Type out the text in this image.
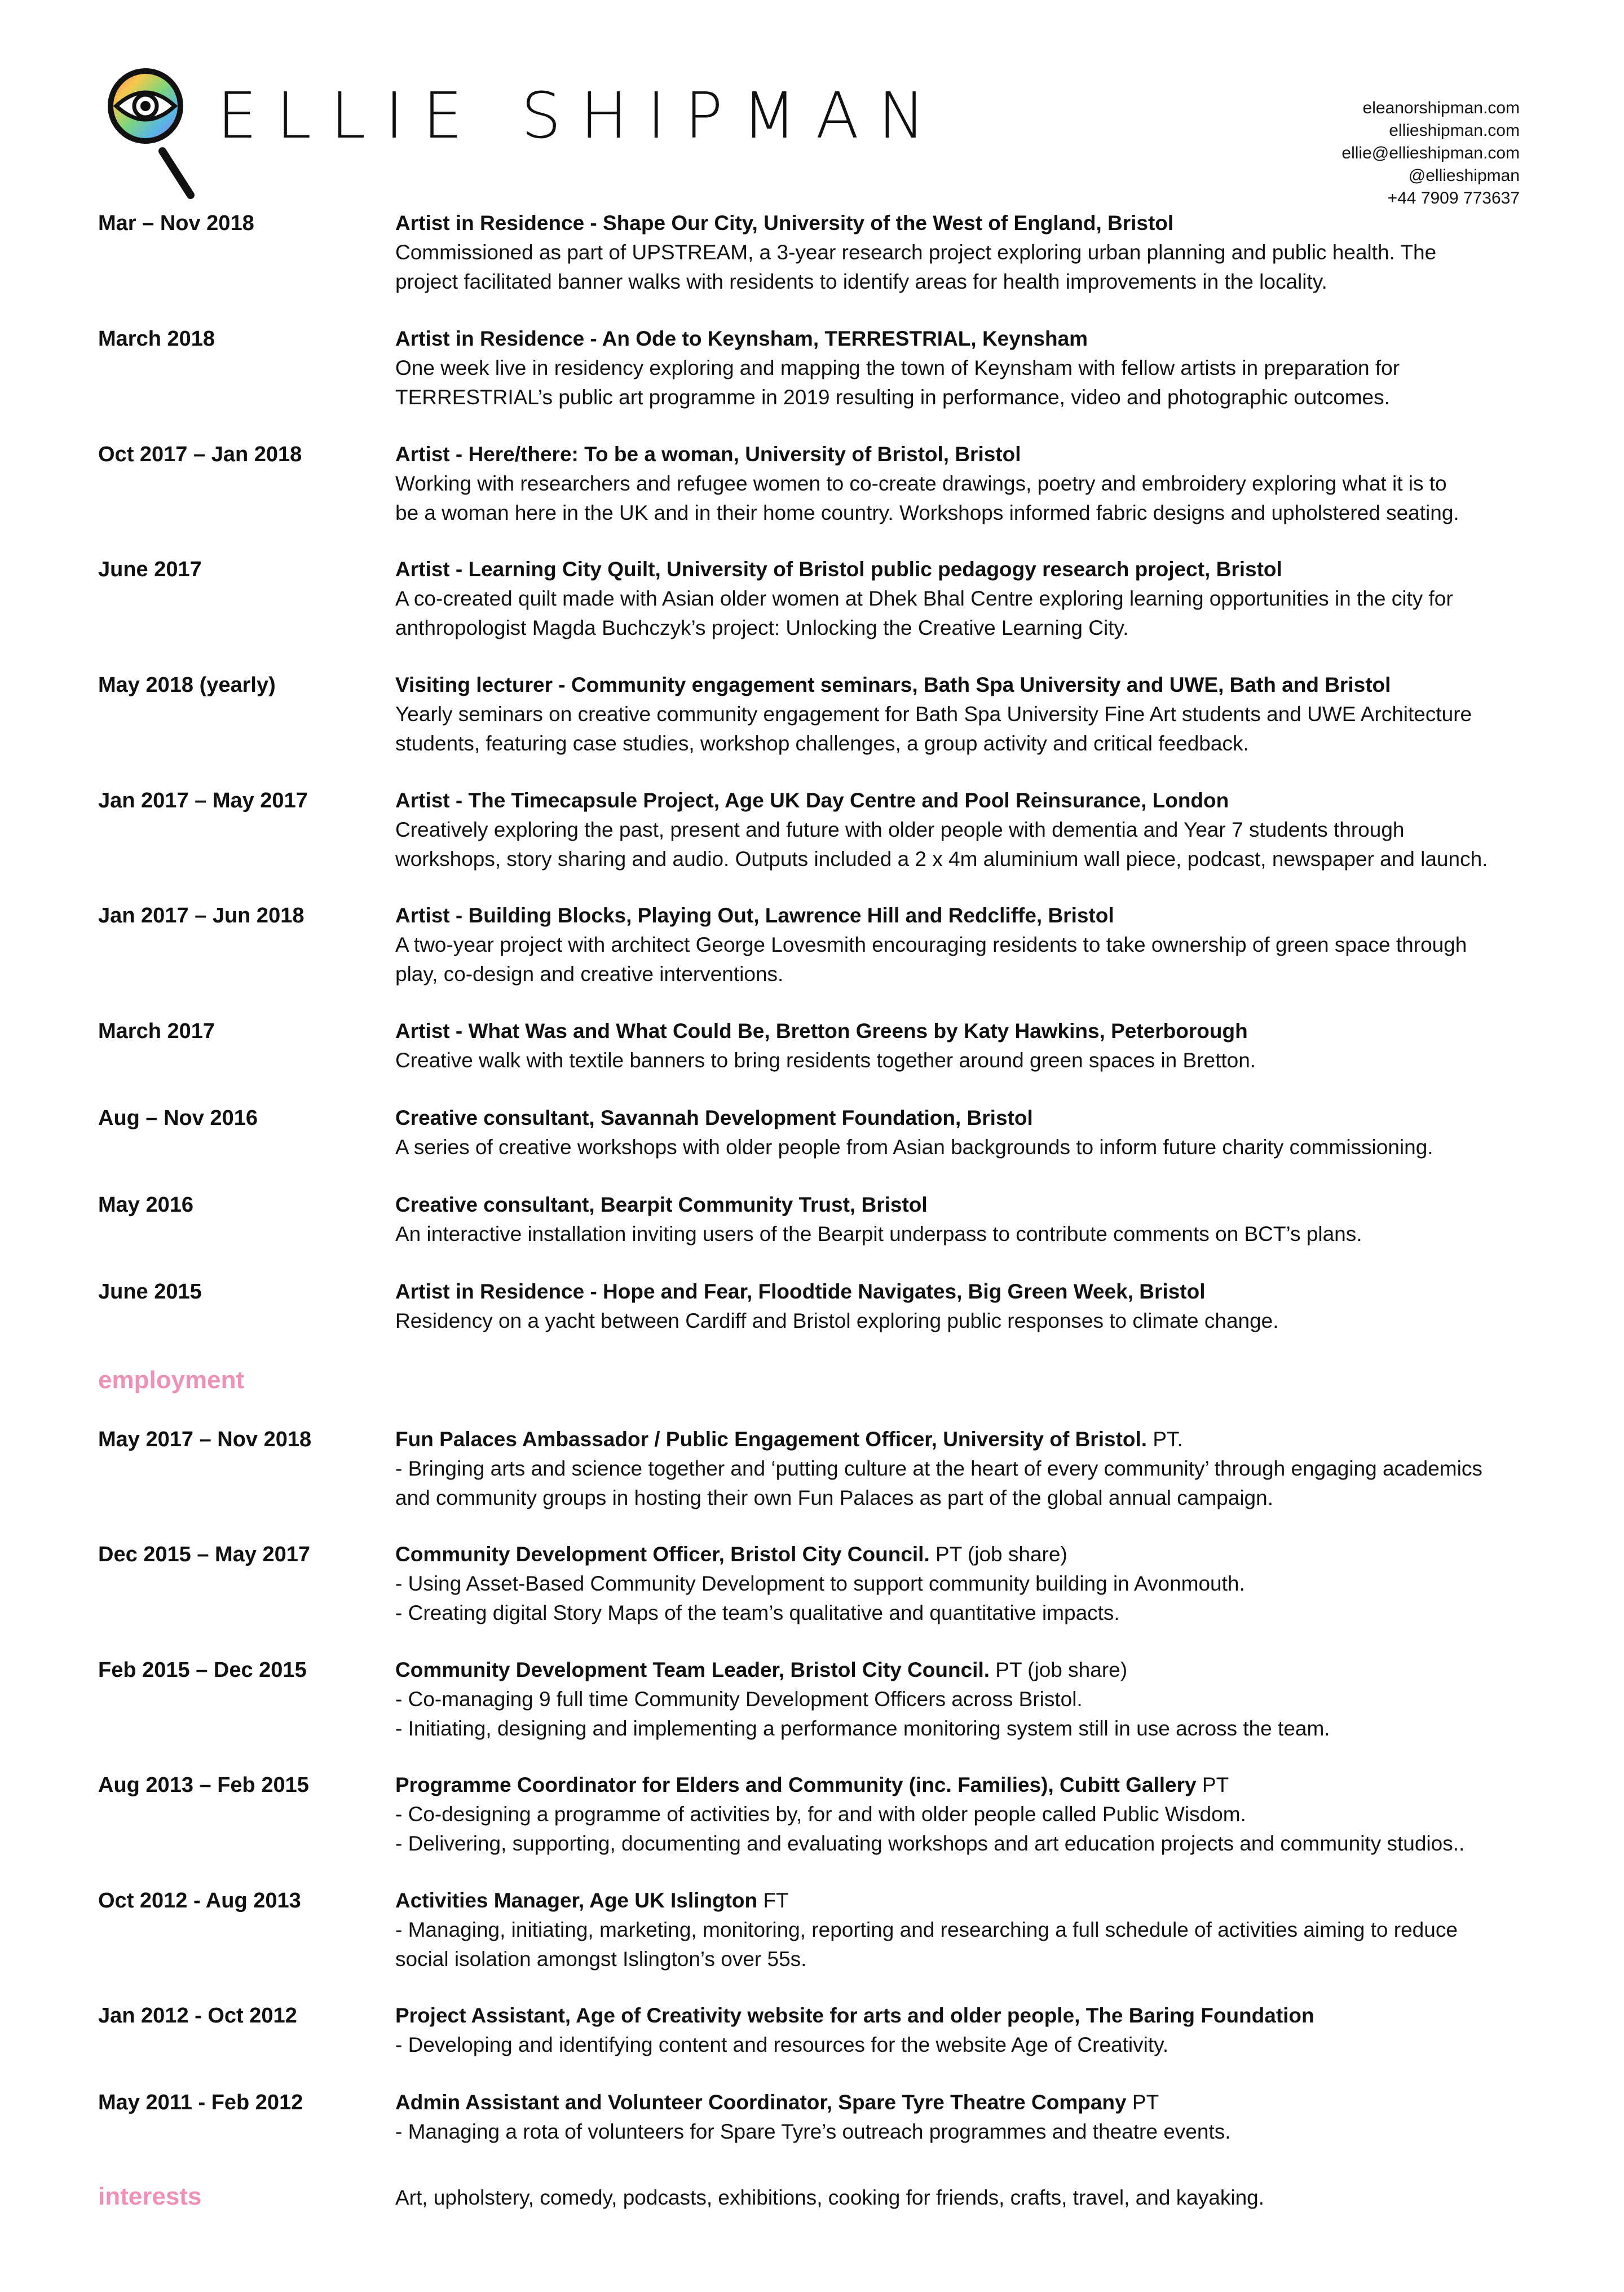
ELLIE SHIPMAN	eleanorshipman.com
ellieshipman.com
ellie@ellieshipman.com
@ellieshipman
+44 7909 773637
Mar – Nov 2018	Artist in Residence - Shape Our City, University of the West of England, Bristol
Commissioned as part of UPSTREAM, a 3-year research project exploring urban planning and public health. The
project facilitated banner walks with residents to identify areas for health improvements in the locality.
March 2018	Artist in Residence - An Ode to Keynsham, TERRESTRIAL, Keynsham
One week live in residency exploring and mapping the town of Keynsham with fellow artists in preparation for
TERRESTRIAL’s public art programme in 2019 resulting in performance, video and photographic outcomes.
Oct 2017 – Jan 2018	Artist - Here/there: To be a woman, University of Bristol, Bristol
Working with researchers and refugee women to co-create drawings, poetry and embroidery exploring what it is to
be a woman here in the UK and in their home country. Workshops informed fabric designs and upholstered seating.
June 2017	Artist - Learning City Quilt, University of Bristol public pedagogy research project, Bristol
A co-created quilt made with Asian older women at Dhek Bhal Centre exploring learning opportunities in the city for
anthropologist Magda Buchczyk’s project: Unlocking the Creative Learning City.
May 2018 (yearly)	Visiting lecturer - Community engagement seminars, Bath Spa University and UWE, Bath and Bristol
Yearly seminars on creative community engagement for Bath Spa University Fine Art students and UWE Architecture
students, featuring case studies, workshop challenges, a group activity and critical feedback.
Jan 2017 – May 2017	Artist - The Timecapsule Project, Age UK Day Centre and Pool Reinsurance, London
Creatively exploring the past, present and future with older people with dementia and Year 7 students through
workshops, story sharing and audio. Outputs included a 2 x 4m aluminium wall piece, podcast, newspaper and launch.
Jan 2017 – Jun 2018	Artist - Building Blocks, Playing Out, Lawrence Hill and Redcliffe, Bristol
A two-year project with architect George Lovesmith encouraging residents to take ownership of green space through
play, co-design and creative interventions.
March 2017	Artist - What Was and What Could Be, Bretton Greens by Katy Hawkins, Peterborough
Creative walk with textile banners to bring residents together around green spaces in Bretton.
Aug – Nov 2016	Creative consultant, Savannah Development Foundation, Bristol
A series of creative workshops with older people from Asian backgrounds to inform future charity commissioning.
May 2016	Creative consultant, Bearpit Community Trust, Bristol
An interactive installation inviting users of the Bearpit underpass to contribute comments on BCT’s plans.
June 2015	Artist in Residence - Hope and Fear, Floodtide Navigates, Big Green Week, Bristol
Residency on a yacht between Cardiff and Bristol exploring public responses to climate change.
employment
May 2017 – Nov 2018	Fun Palaces Ambassador / Public Engagement Officer, University of Bristol. PT.
- Bringing arts and science together and ‘putting culture at the heart of every community’ through engaging academics
and community groups in hosting their own Fun Palaces as part of the global annual campaign.
Dec 2015 – May 2017	Community Development Officer, Bristol City Council. PT (job share)
- Using Asset-Based Community Development to support community building in Avonmouth.
- Creating digital Story Maps of the team’s qualitative and quantitative impacts.
Feb 2015 – Dec 2015	Community Development Team Leader, Bristol City Council. PT (job share)
- Co-managing 9 full time Community Development Officers across Bristol.
- Initiating, designing and implementing a performance monitoring system still in use across the team.
Aug 2013 – Feb 2015	Programme Coordinator for Elders and Community (inc. Families), Cubitt Gallery PT
- Co-designing a programme of activities by, for and with older people called Public Wisdom.
- Delivering, supporting, documenting and evaluating workshops and art education projects and community studios..
Oct 2012 - Aug 2013	Activities Manager, Age UK Islington FT
- Managing, initiating, marketing, monitoring, reporting and researching a full schedule of activities aiming to reduce
social isolation amongst Islington’s over 55s.
Jan 2012 - Oct 2012	Project Assistant, Age of Creativity website for arts and older people, The Baring Foundation
- Developing and identifying content and resources for the website Age of Creativity.
May 2011 - Feb 2012	Admin Assistant and Volunteer Coordinator, Spare Tyre Theatre Company PT
- Managing a rota of volunteers for Spare Tyre’s outreach programmes and theatre events.
interests	Art, upholstery, comedy, podcasts, exhibitions, cooking for friends, crafts, travel, and kayaking.
